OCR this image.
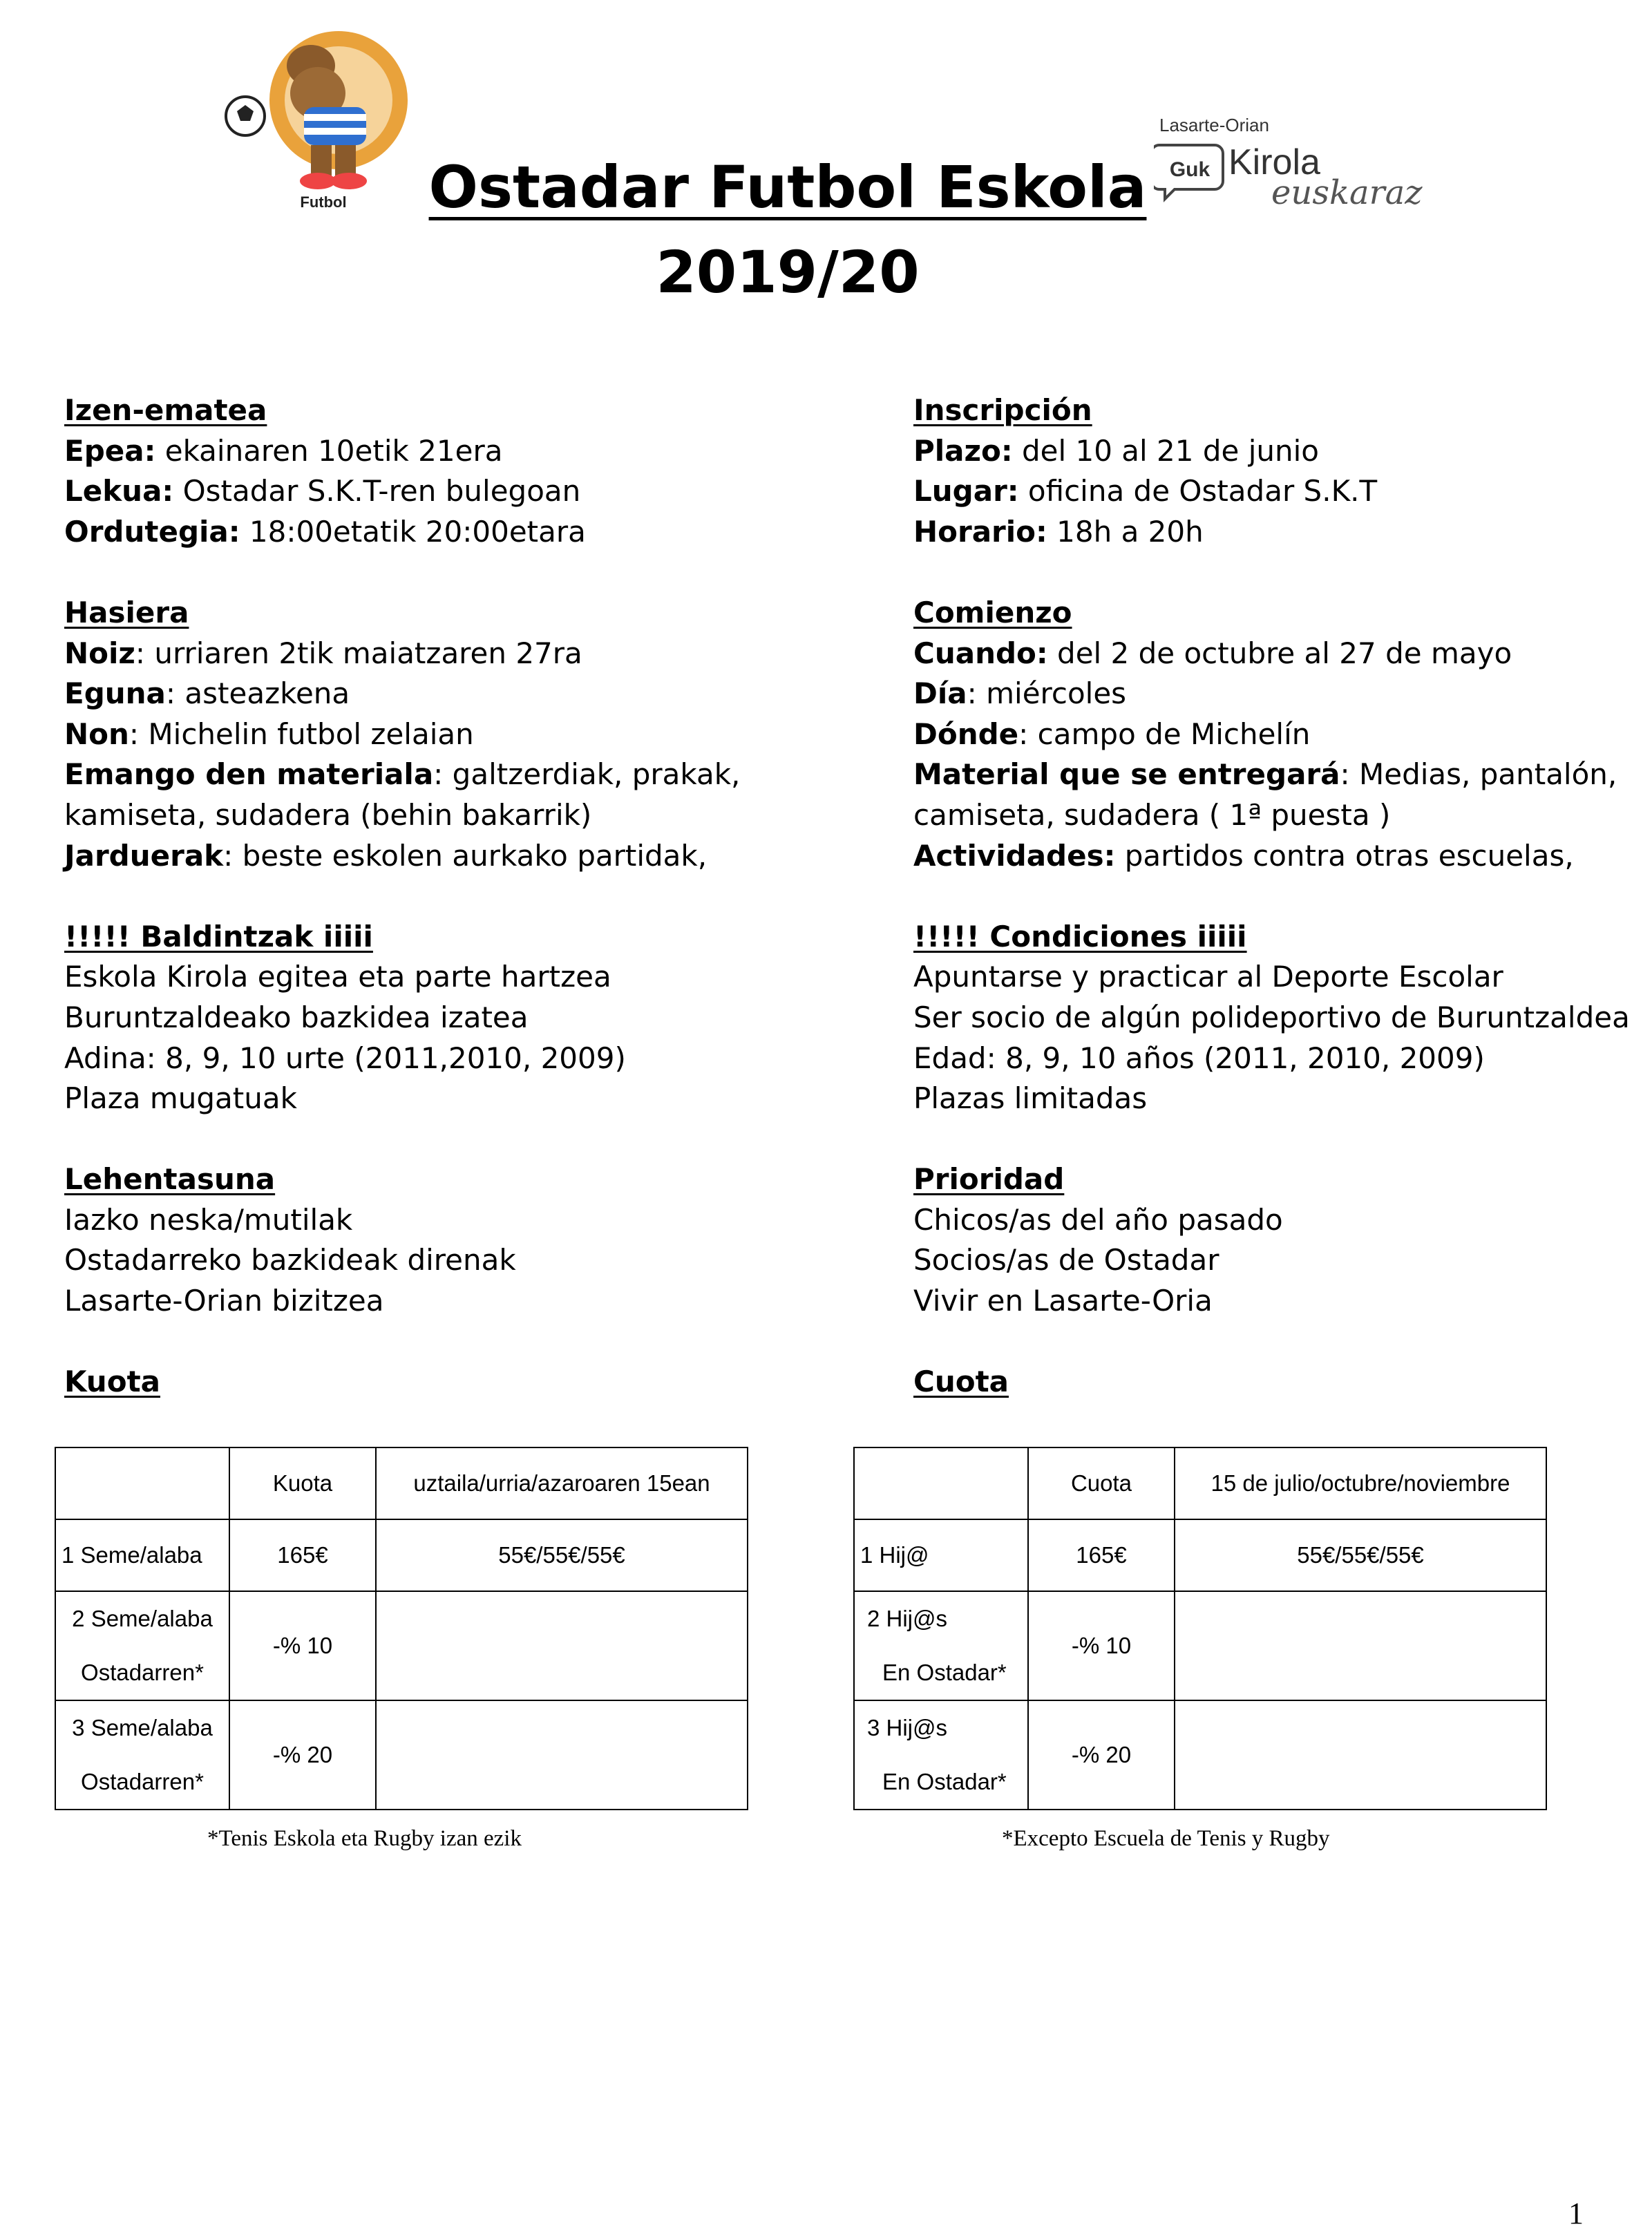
Futbol
Lasarte-Orian
Guk Kirola
euskaraz
Ostadar Futbol Eskola
2019/20
Izen-ematea
Epea: ekainaren 10etik 21era
Lekua: Ostadar S.K.T-ren bulegoan
Ordutegia: 18:00etatik 20:00etara
Hasiera
Noiz: urriaren 2tik maiatzaren 27ra
Eguna: asteazkena
Non: Michelin futbol zelaian
Emango den materiala: galtzerdiak, prakak,
kamiseta, sudadera (behin bakarrik)
Jarduerak: beste eskolen aurkako partidak,
!!!!! Baldintzak iiiii
Eskola Kirola egitea eta parte hartzea
Buruntzaldeako bazkidea izatea
Adina: 8, 9, 10 urte (2011,2010, 2009)
Plaza mugatuak
Lehentasuna
Iazko neska/mutilak
Ostadarreko bazkideak direnak
Lasarte-Orian bizitzea
Kuota
Inscripción
Plazo: del 10 al 21 de junio
Lugar: oficina de Ostadar S.K.T
Horario: 18h a 20h
Comienzo
Cuando: del 2 de octubre al 27 de mayo
Día: miércoles
Dónde: campo de Michelín
Material que se entregará: Medias, pantalón,
camiseta, sudadera ( 1ª puesta )
Actividades: partidos contra otras escuelas,
!!!!! Condiciones iiiii
Apuntarse y practicar al Deporte Escolar
Ser socio de algún polideportivo de Buruntzaldea
Edad: 8, 9, 10 años (2011, 2010, 2009)
Plazas limitadas
Prioridad
Chicos/as del año pasado
Socios/as de Ostadar
Vivir en Lasarte-Oria
Cuota
	Kuota	uztaila/urria/azaroaren 15ean
1 Seme/alaba	165€	55€/55€/55€

2 Seme/alaba
Ostadarren*	-% 10	

3 Seme/alaba
Ostadarren*	-% 20	
	Cuota	15 de julio/octubre/noviembre
1 Hij@	165€	55€/55€/55€

2 Hij@s
En Ostadar*	-% 10	

3 Hij@s
En Ostadar*	-% 20	
*Tenis Eskola eta Rugby izan ezik	*Excepto Escuela de Tenis y Rugby
1
